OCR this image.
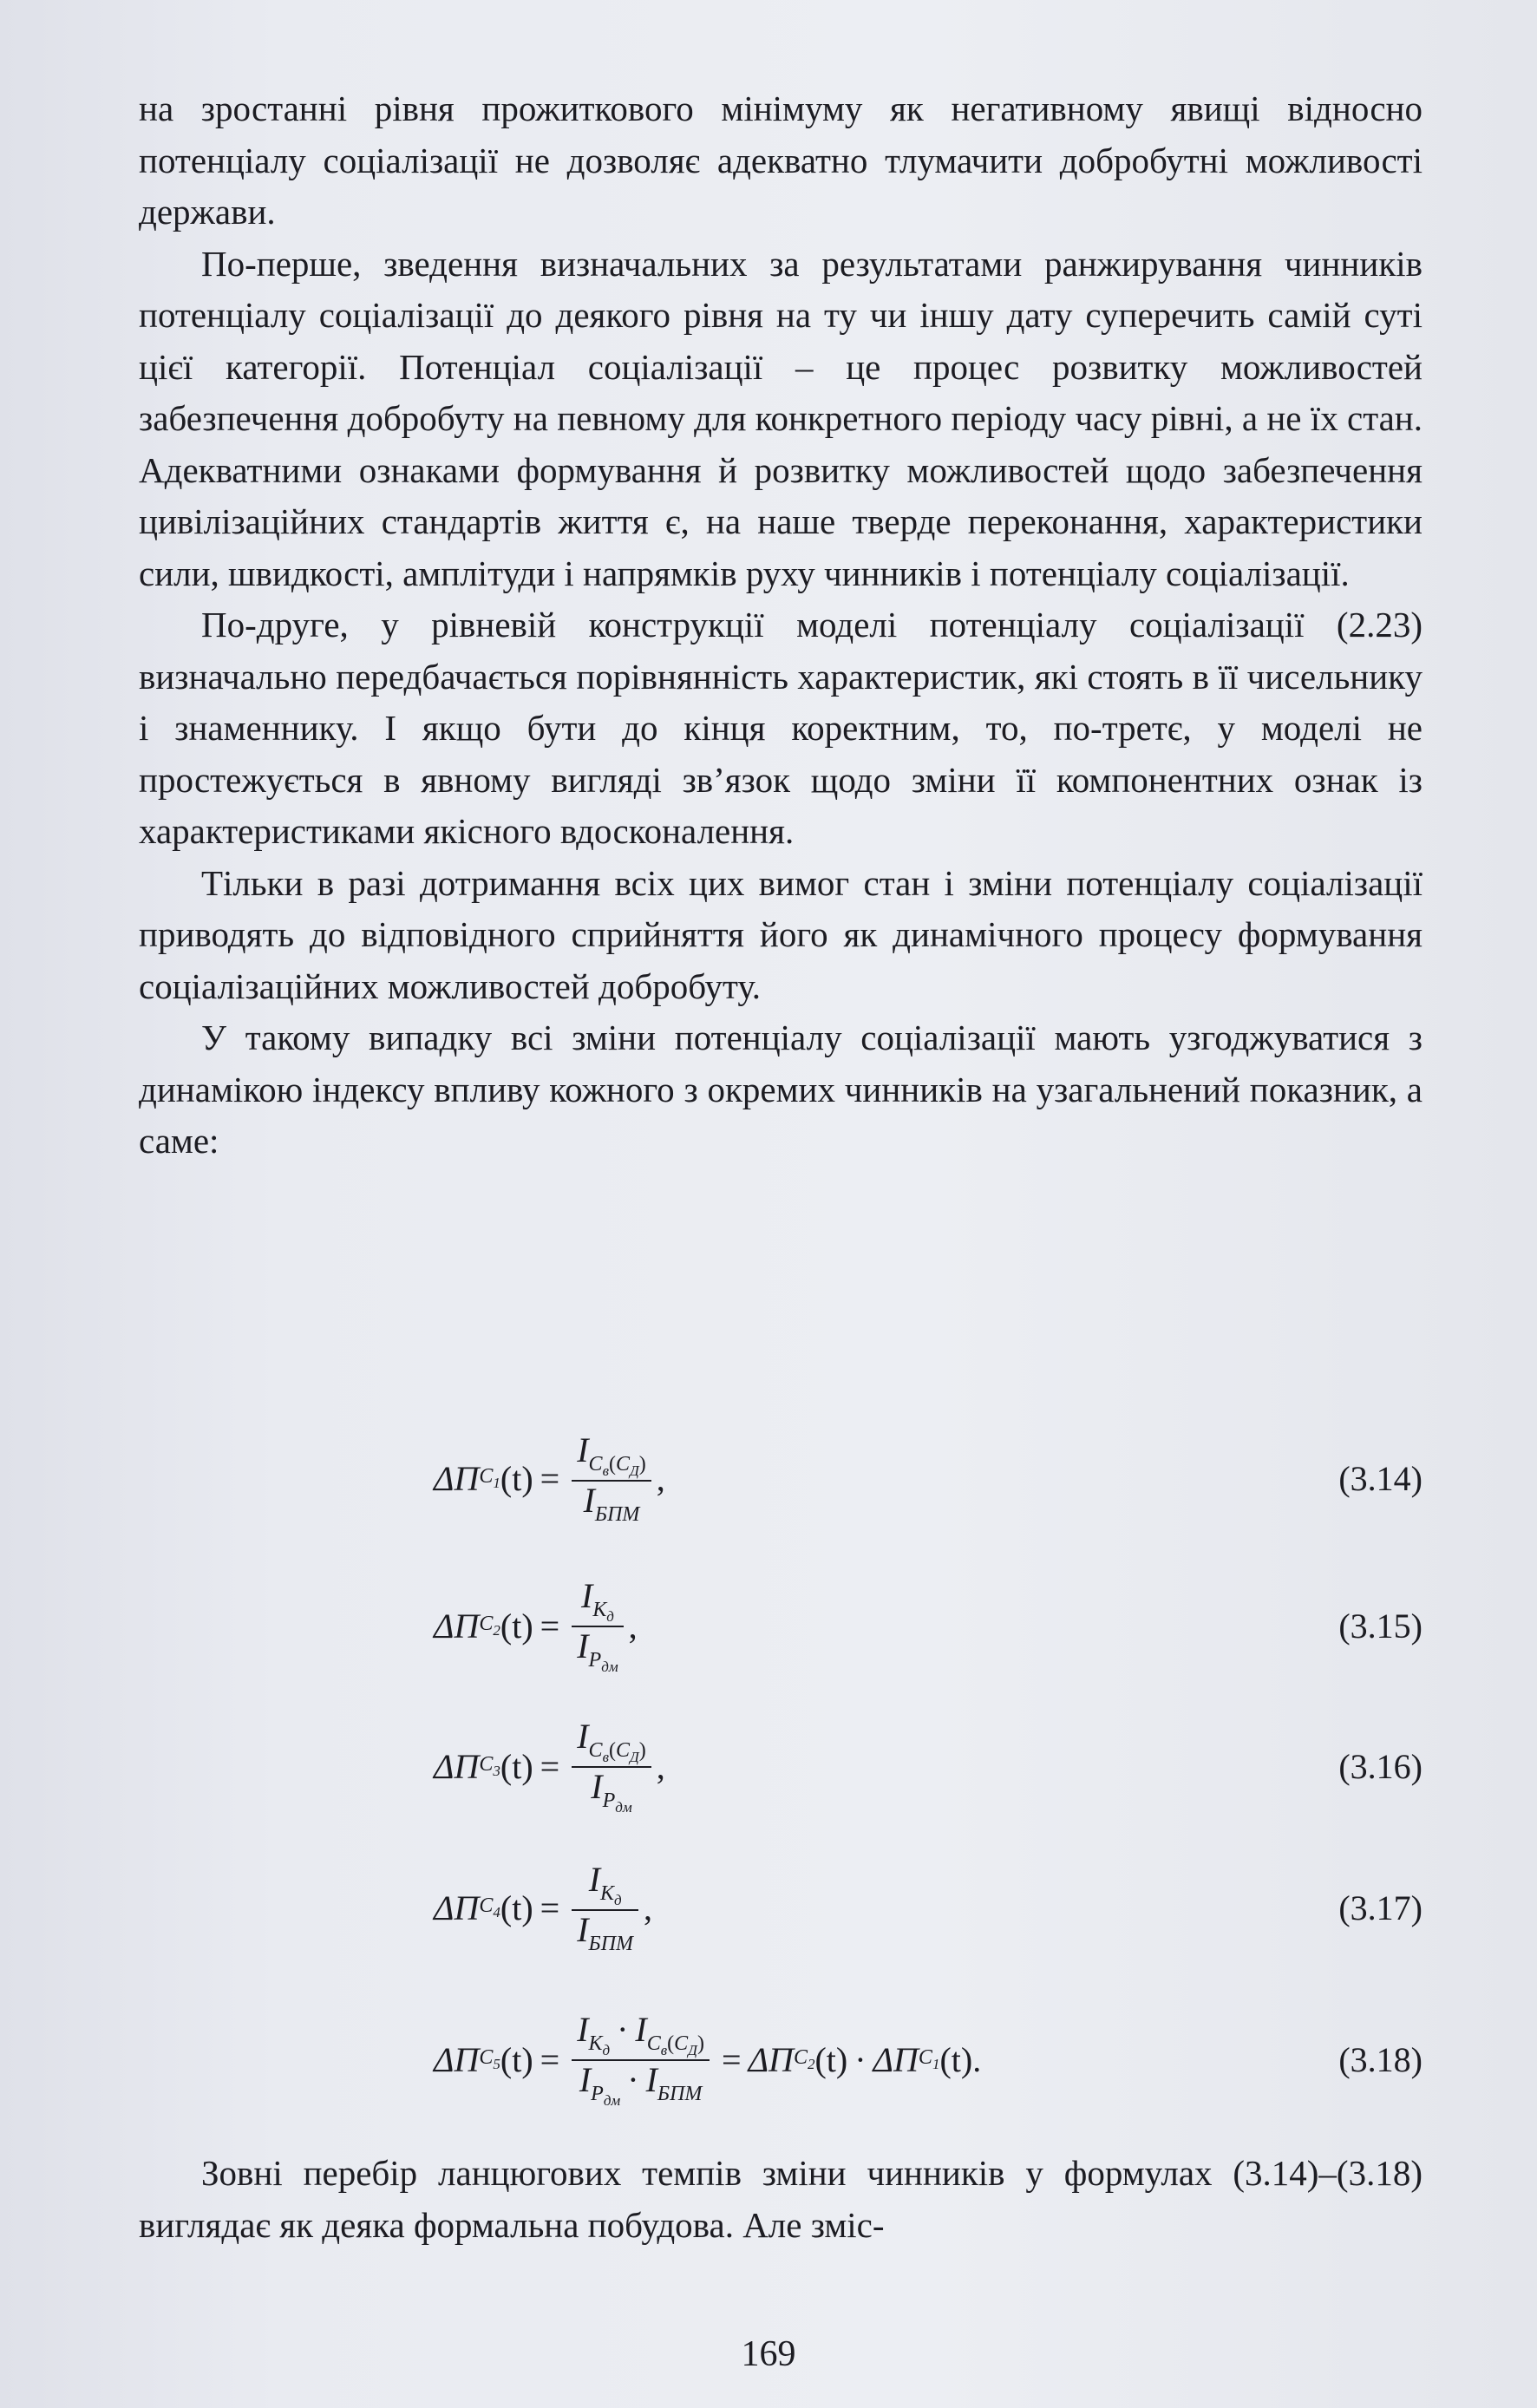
на зростанні рівня прожиткового мінімуму як негативному явищі відносно потенціалу соціалізації не дозволяє адекватно тлумачити добробутні можливості держави.

По-перше, зведення визначальних за результатами ранжирування чинників потенціалу соціалізації до деякого рівня на ту чи іншу дату суперечить самій суті цієї категорії. Потенціал соціалізації – це процес розвитку можливостей забезпечення добробуту на певному для конкретного періоду часу рівні, а не їх стан. Адекватними ознаками формування й розвитку можливостей щодо забезпечення цивілізаційних стандартів життя є, на наше тверде переконання, характеристики сили, швидкості, амплітуди і напрямків руху чинників і потенціалу соціалізації.

По-друге, у рівневій конструкції моделі потенціалу соціалізації (2.23) визначально передбачається порівнянність характеристик, які стоять в її чисельнику і знаменнику. І якщо бути до кінця коректним, то, по-третє, у моделі не простежується в явному вигляді зв’язок щодо зміни її компонентних ознак із характеристиками якісного вдосконалення.

Тільки в разі дотримання всіх цих вимог стан і зміни потенціалу соціалізації приводять до відповідного сприйняття його як динамічного процесу формування соціалізаційних можливостей добробуту.

У такому випадку всі зміни потенціалу соціалізації мають узгоджуватися з динамікою індексу впливу кожного з окремих чинників на узагальнений показник, а саме:

ΔП $C_1$ $(t) = \frac{I_{C_в(C_Д)}}{I_{БПМ}}$ ,	(3.14)
ΔП $C_2$ $(t) = \frac{I_{К_д}}{I_{Р_{дм}}}$ ,	(3.15)
ΔП $C_3$ $(t) = \frac{I_{C_в(C_Д)}}{I_{Р_{дм}}}$ ,	(3.16)
ΔП $C_4$ $(t) = \frac{I_{К_д}}{I_{БПМ}}$ ,	(3.17)
ΔП $C_5$ $(t) = \frac{I_{К_д}\cdot I_{C_в(C_Д)}}{I_{Р_{дм}}\cdot I_{БПМ}} = \Delta П$ $C_2$ (t) · ΔП $C_1$ (t) .	(3.18)

Зовні перебір ланцюгових темпів зміни чинників у формулах (3.14)–(3.18) виглядає як деяка формальна побудова. Але зміс-

169
